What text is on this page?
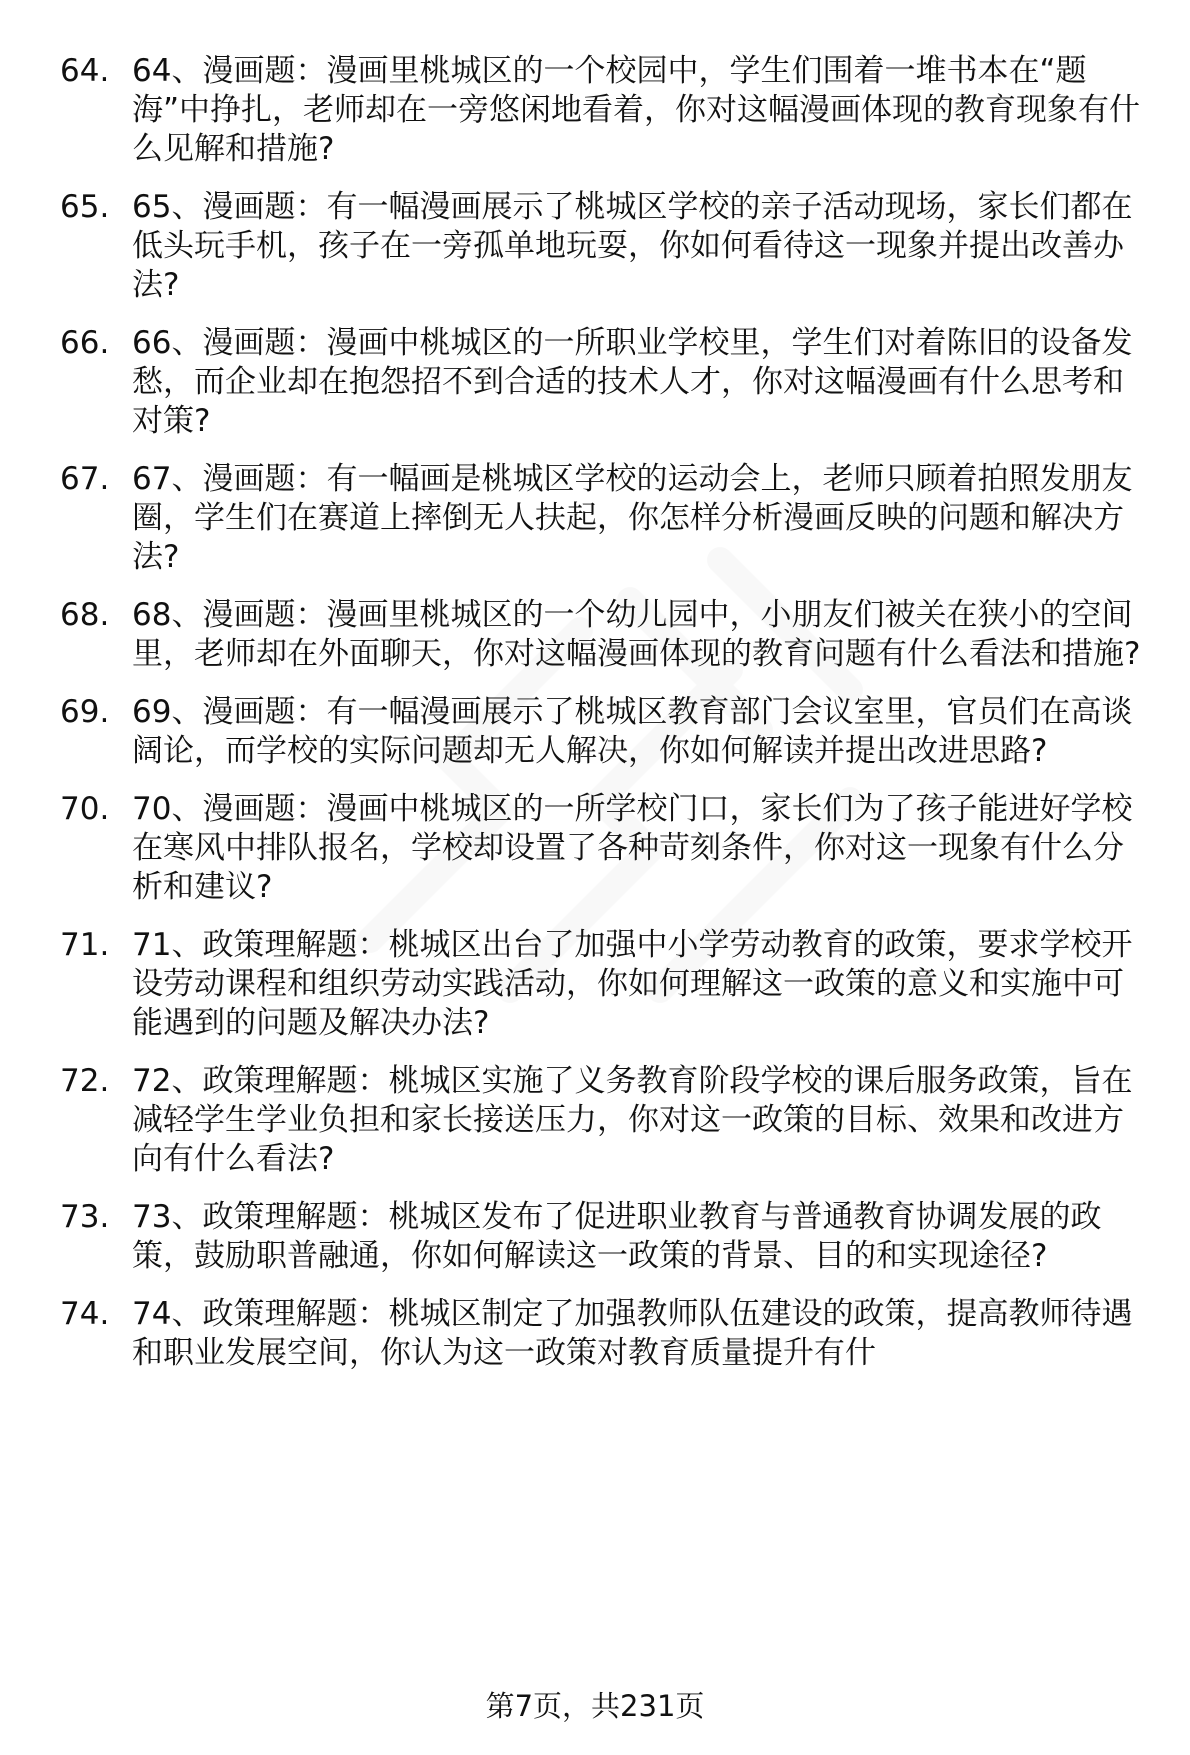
64. 64、漫画题：漫画里桃城区的一个校园中，学生们围着一堆书本在“题海”中挣扎，老师却在一旁悠闲地看着，你对这幅漫画体现的教育现象有什么见解和措施?
65. 65、漫画题：有一幅漫画展示了桃城区学校的亲子活动现场，家长们都在低头玩手机，孩子在一旁孤单地玩耍，你如何看待这一现象并提出改善办法?
66. 66、漫画题：漫画中桃城区的一所职业学校里，学生们对着陈旧的设备发愁，而企业却在抱怨招不到合适的技术人才，你对这幅漫画有什么思考和对策?
67. 67、漫画题：有一幅画是桃城区学校的运动会上，老师只顾着拍照发朋友圈，学生们在赛道上摔倒无人扶起，你怎样分析漫画反映的问题和解决方法?
68. 68、漫画题：漫画里桃城区的一个幼儿园中，小朋友们被关在狭小的空间里，老师却在外面聊天，你对这幅漫画体现的教育问题有什么看法和措施?
69. 69、漫画题：有一幅漫画展示了桃城区教育部门会议室里，官员们在高谈阔论，而学校的实际问题却无人解决，你如何解读并提出改进思路?
70. 70、漫画题：漫画中桃城区的一所学校门口，家长们为了孩子能进好学校在寒风中排队报名，学校却设置了各种苛刻条件，你对这一现象有什么分析和建议?
71. 71、政策理解题：桃城区出台了加强中小学劳动教育的政策，要求学校开设劳动课程和组织劳动实践活动，你如何理解这一政策的意义和实施中可能遇到的问题及解决办法?
72. 72、政策理解题：桃城区实施了义务教育阶段学校的课后服务政策，旨在减轻学生学业负担和家长接送压力，你对这一政策的目标、效果和改进方向有什么看法?
73. 73、政策理解题：桃城区发布了促进职业教育与普通教育协调发展的政策，鼓励职普融通，你如何解读这一政策的背景、目的和实现途径?
74. 74、政策理解题：桃城区制定了加强教师队伍建设的政策，提高教师待遇和职业发展空间，你认为这一政策对教育质量提升有什
第7页，共231页
